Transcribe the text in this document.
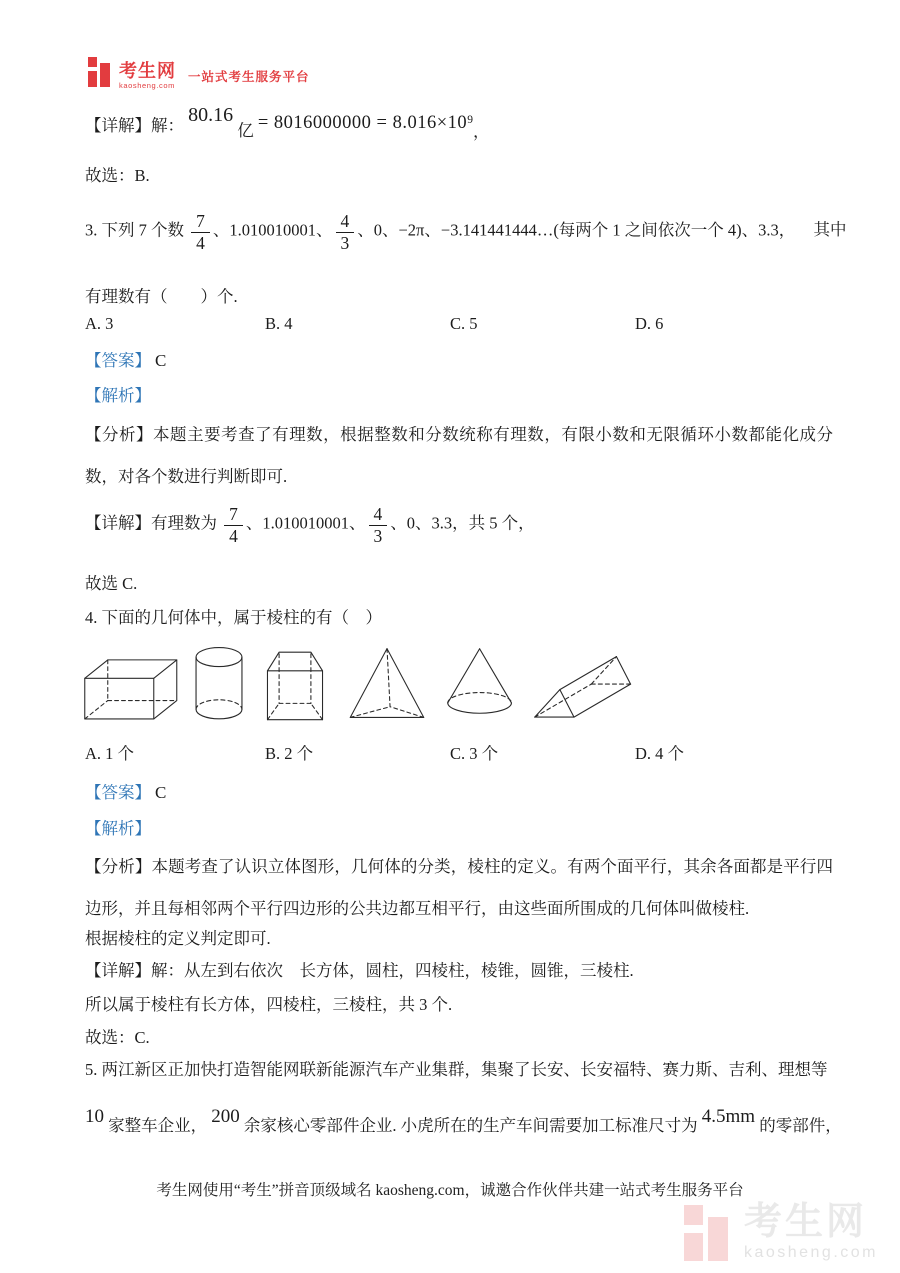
考生网
kaosheng.com
一站式考生服务平台
【详解】解： 80.16 亿 = $8016000000 = 8.016\times 10^9$，
故选：B.
3. 下列 7 个数 $\frac{7}{4}$ 、1.010010001、 $\frac{4}{3}$ 、0、−2π、−3.141441444…(每两个 1 之间依次一个 4)、3.3， 其中
有理数有（　　）个.
A. 3	B. 4	C. 5	D. 6
【答案】 C
【解析】
【分析】本题主要考查了有理数，根据整数和分数统称有理数，有限小数和无限循环小数都能化成分数，对各个数进行判断即可.
【详解】有理数为 $\frac{7}{4}$ 、1.010010001、 $\frac{4}{3}$ 、0、3.3，共 5 个，
故选 C.
4. 下面的几何体中，属于棱柱的有（　）
A. 1 个	B. 2 个	C. 3 个	D. 4 个
【答案】 C
【解析】
【分析】本题考查了认识立体图形，几何体的分类，棱柱的定义。有两个面平行，其余各面都是平行四边形，并且每相邻两个平行四边形的公共边都互相平行，由这些面所围成的几何体叫做棱柱.
根据棱柱的定义判定即可.
【详解】解：从左到右依次　长方体，圆柱，四棱柱，棱锥，圆锥，三棱柱.
所以属于棱柱有长方体，四棱柱，三棱柱，共 3 个.
故选：C.
5. 两江新区正加快打造智能网联新能源汽车产业集群，集聚了长安、长安福特、赛力斯、吉利、理想等
10 家整车企业， 200 余家核心零部件企业. 小虎所在的生产车间需要加工标准尺寸为 4.5mm 的零部件，
考生网使用“考生”拼音顶级域名 kaosheng.com，诚邀合作伙伴共建一站式考生服务平台
考生网
kaosheng.com
